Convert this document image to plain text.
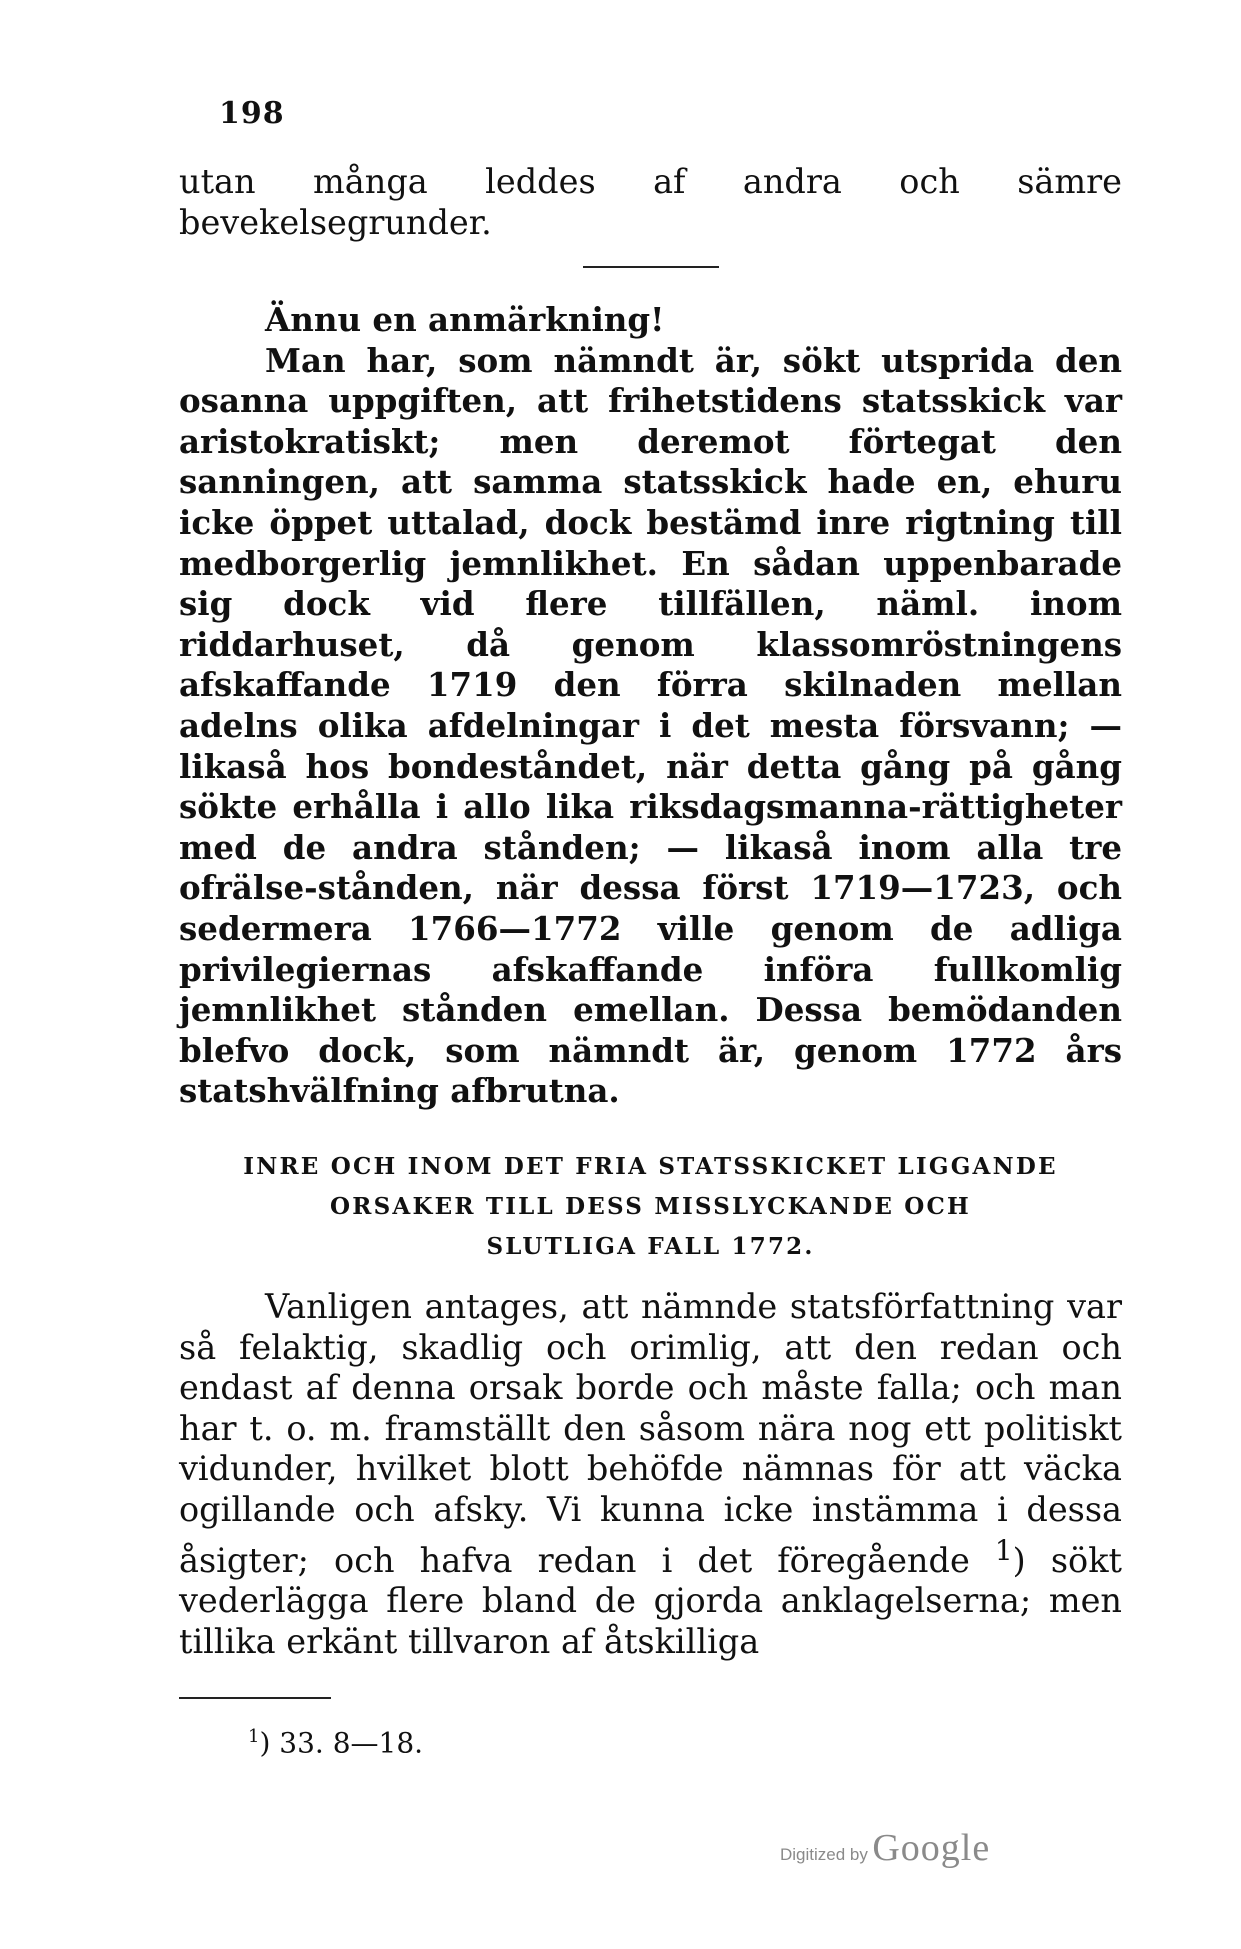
198

utan många leddes af andra och sämre bevekelsegrunder.

Ännu en anmärkning!

Man har, som nämndt är, sökt utsprida den osanna uppgiften, att frihetstidens statsskick var aristokratiskt; men deremot förtegat den sanningen, att samma statsskick hade en, ehuru icke öppet uttalad, dock bestämd inre rigtning till medborgerlig jemnlikhet. En sådan uppenbarade sig dock vid flere tillfällen, näml. inom riddarhuset, då genom klassomröstningens afskaffande 1719 den förra skilnaden mellan adelns olika afdelningar i det mesta försvann; — likaså hos bondeståndet, när detta gång på gång sökte erhålla i allo lika riksdagsmanna-rättigheter med de andra stånden; — likaså inom alla tre ofrälse-stånden, när dessa först 1719—1723, och sedermera 1766—1772 ville genom de adliga privilegiernas afskaffande införa fullkomlig jemnlikhet stånden emellan. Dessa bemödanden blefvo dock, som nämndt är, genom 1772 års statshvälfning afbrutna.

INRE OCH INOM DET FRIA STATSSKICKET LIGGANDE
ORSAKER TILL DESS MISSLYCKANDE OCH
SLUTLIGA FALL 1772.

Vanligen antages, att nämnde statsförfattning var så felaktig, skadlig och orimlig, att den redan och endast af denna orsak borde och måste falla; och man har t. o. m. framställt den såsom nära nog ett politiskt vidunder, hvilket blott behöfde nämnas för att väcka ogillande och afsky. Vi kunna icke instämma i dessa åsigter; och hafva redan i det föregående $^1$) sökt vederlägga flere bland de gjorda anklagelserna; men tillika erkänt tillvaron af åtskilliga

$^1$) 33. 8—18.
Digitized by Google
